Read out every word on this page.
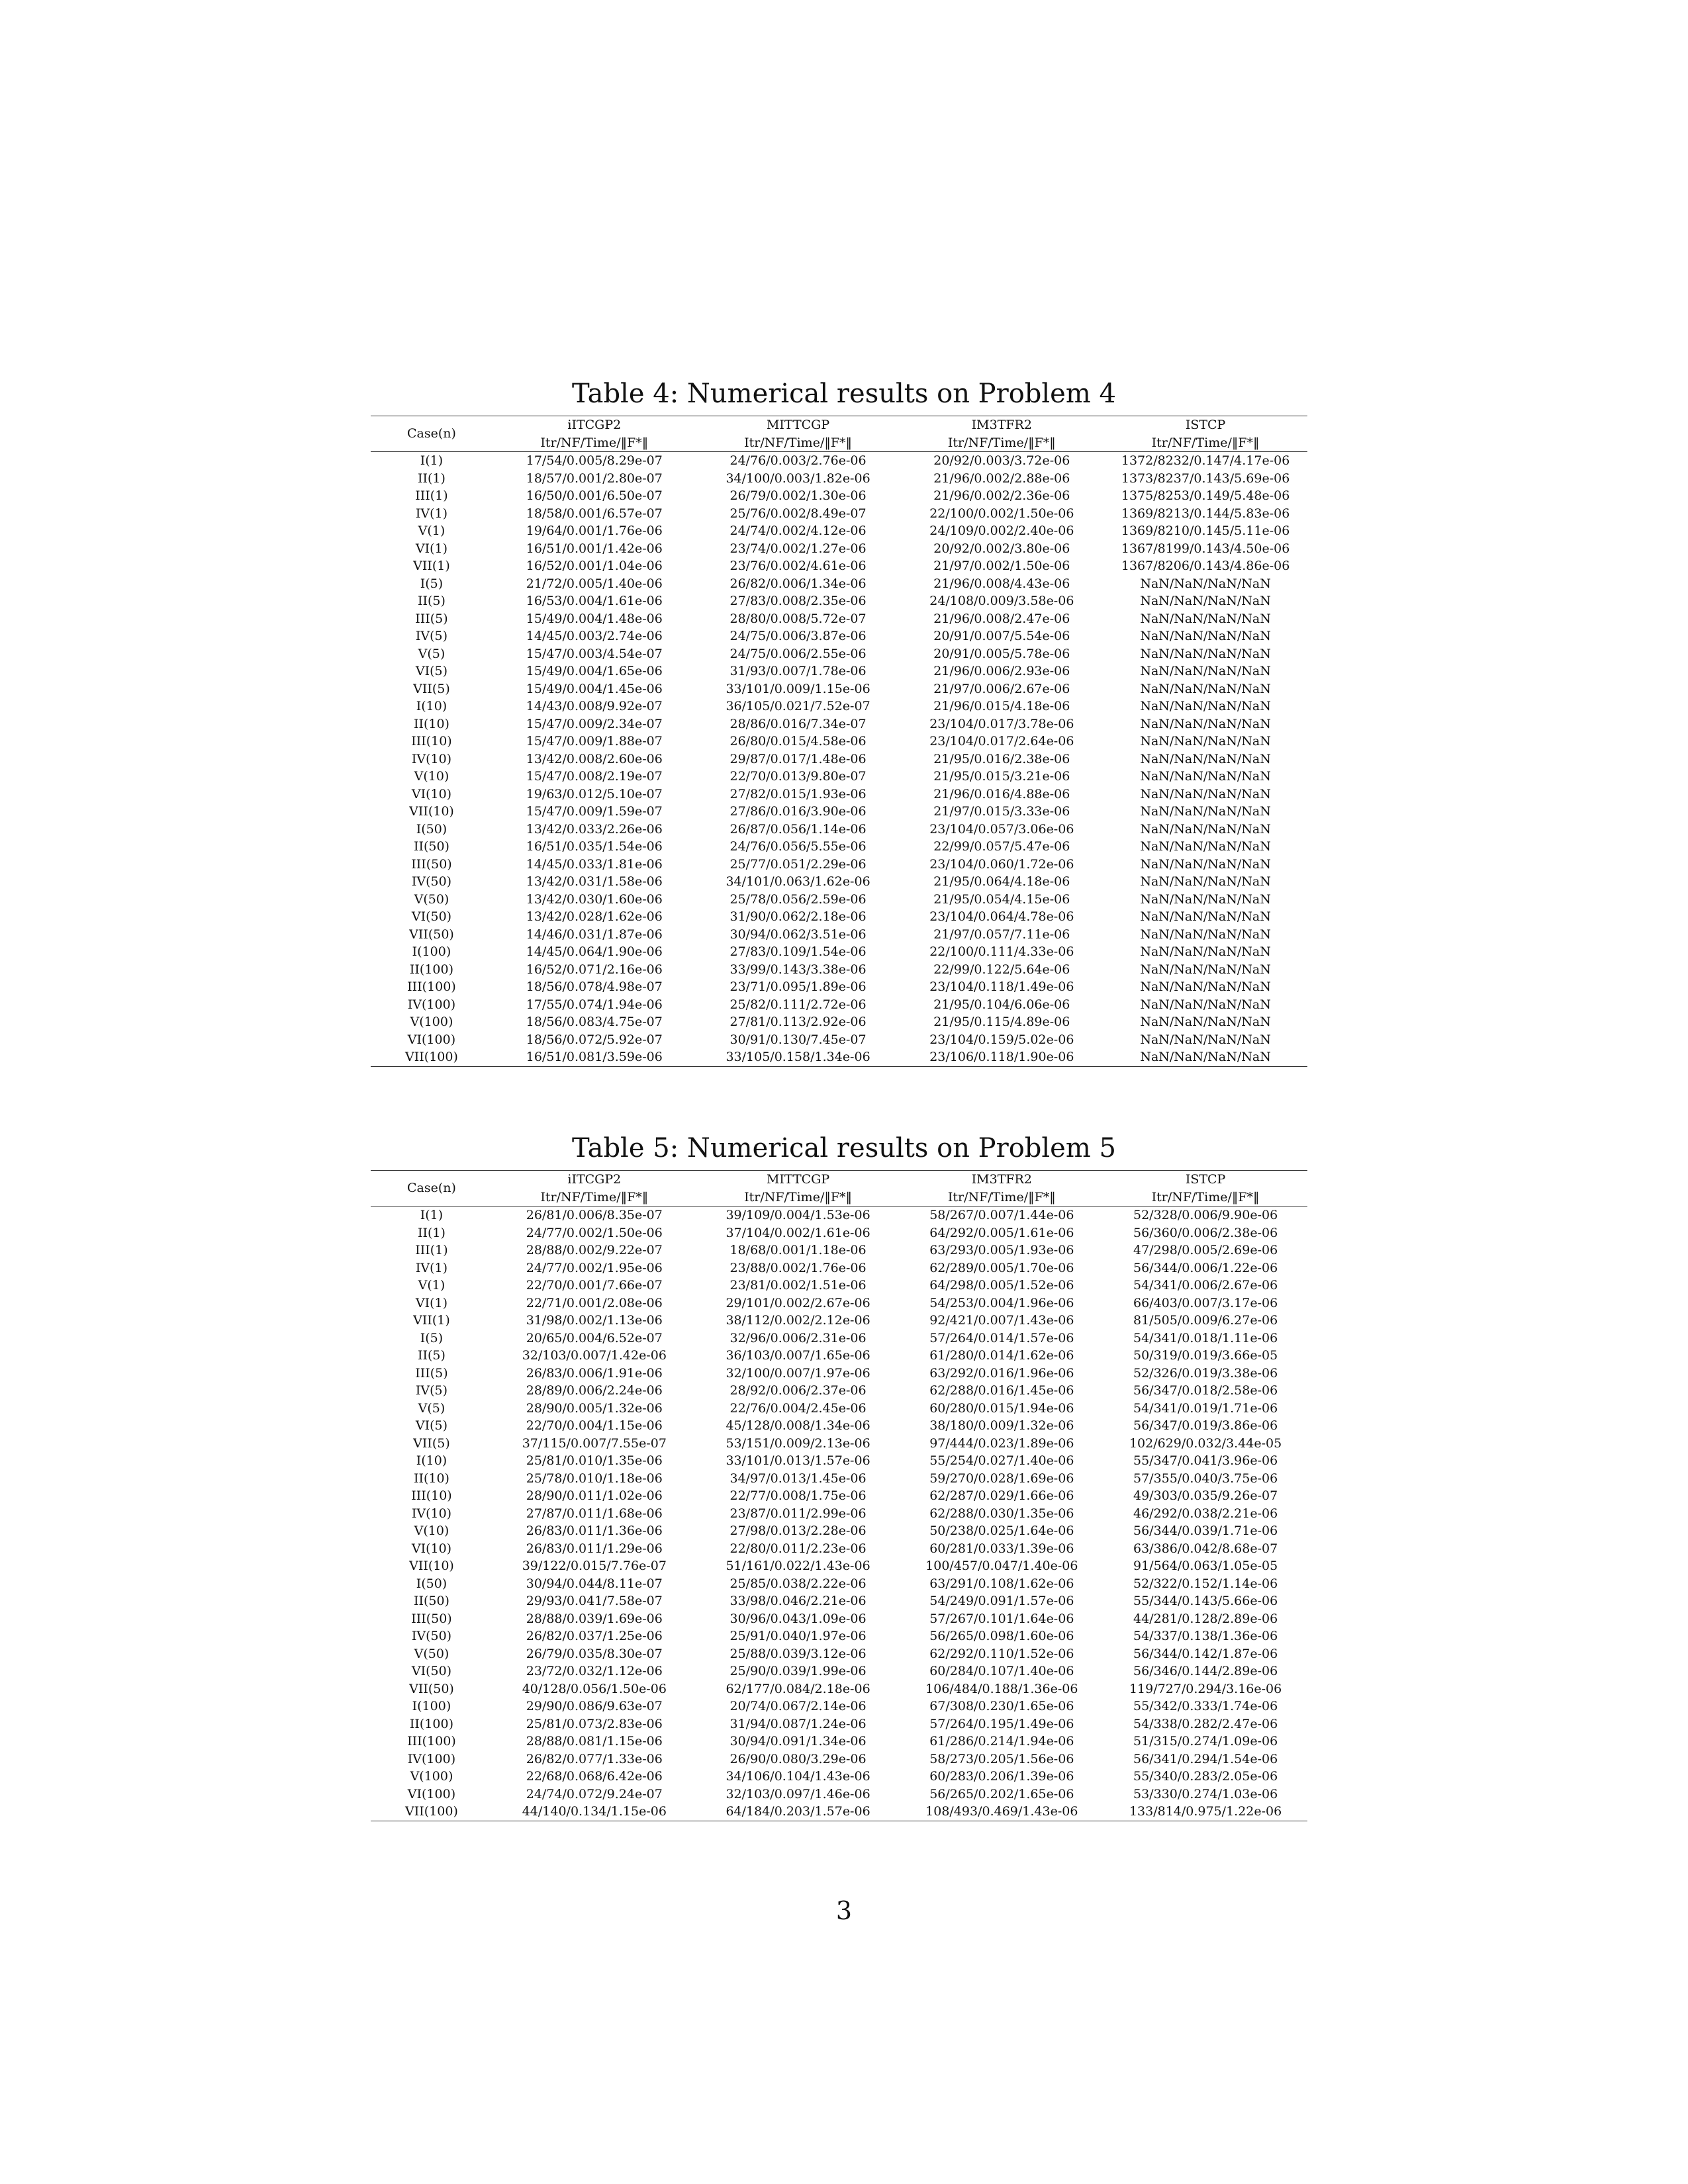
Table 4: Numerical results on Problem 4
Case(n)	iITCGP2	MITTCGP	IM3TFR2	ISTCP
	Itr/NF/Time/‖F*‖	Itr/NF/Time/‖F*‖	Itr/NF/Time/‖F*‖	Itr/NF/Time/‖F*‖
I(1)	17/54/0.005/8.29e-07	24/76/0.003/2.76e-06	20/92/0.003/3.72e-06	1372/8232/0.147/4.17e-06
II(1)	18/57/0.001/2.80e-07	34/100/0.003/1.82e-06	21/96/0.002/2.88e-06	1373/8237/0.143/5.69e-06
III(1)	16/50/0.001/6.50e-07	26/79/0.002/1.30e-06	21/96/0.002/2.36e-06	1375/8253/0.149/5.48e-06
IV(1)	18/58/0.001/6.57e-07	25/76/0.002/8.49e-07	22/100/0.002/1.50e-06	1369/8213/0.144/5.83e-06
V(1)	19/64/0.001/1.76e-06	24/74/0.002/4.12e-06	24/109/0.002/2.40e-06	1369/8210/0.145/5.11e-06
VI(1)	16/51/0.001/1.42e-06	23/74/0.002/1.27e-06	20/92/0.002/3.80e-06	1367/8199/0.143/4.50e-06
VII(1)	16/52/0.001/1.04e-06	23/76/0.002/4.61e-06	21/97/0.002/1.50e-06	1367/8206/0.143/4.86e-06
I(5)	21/72/0.005/1.40e-06	26/82/0.006/1.34e-06	21/96/0.008/4.43e-06	NaN/NaN/NaN/NaN
II(5)	16/53/0.004/1.61e-06	27/83/0.008/2.35e-06	24/108/0.009/3.58e-06	NaN/NaN/NaN/NaN
III(5)	15/49/0.004/1.48e-06	28/80/0.008/5.72e-07	21/96/0.008/2.47e-06	NaN/NaN/NaN/NaN
IV(5)	14/45/0.003/2.74e-06	24/75/0.006/3.87e-06	20/91/0.007/5.54e-06	NaN/NaN/NaN/NaN
V(5)	15/47/0.003/4.54e-07	24/75/0.006/2.55e-06	20/91/0.005/5.78e-06	NaN/NaN/NaN/NaN
VI(5)	15/49/0.004/1.65e-06	31/93/0.007/1.78e-06	21/96/0.006/2.93e-06	NaN/NaN/NaN/NaN
VII(5)	15/49/0.004/1.45e-06	33/101/0.009/1.15e-06	21/97/0.006/2.67e-06	NaN/NaN/NaN/NaN
I(10)	14/43/0.008/9.92e-07	36/105/0.021/7.52e-07	21/96/0.015/4.18e-06	NaN/NaN/NaN/NaN
II(10)	15/47/0.009/2.34e-07	28/86/0.016/7.34e-07	23/104/0.017/3.78e-06	NaN/NaN/NaN/NaN
III(10)	15/47/0.009/1.88e-07	26/80/0.015/4.58e-06	23/104/0.017/2.64e-06	NaN/NaN/NaN/NaN
IV(10)	13/42/0.008/2.60e-06	29/87/0.017/1.48e-06	21/95/0.016/2.38e-06	NaN/NaN/NaN/NaN
V(10)	15/47/0.008/2.19e-07	22/70/0.013/9.80e-07	21/95/0.015/3.21e-06	NaN/NaN/NaN/NaN
VI(10)	19/63/0.012/5.10e-07	27/82/0.015/1.93e-06	21/96/0.016/4.88e-06	NaN/NaN/NaN/NaN
VII(10)	15/47/0.009/1.59e-07	27/86/0.016/3.90e-06	21/97/0.015/3.33e-06	NaN/NaN/NaN/NaN
I(50)	13/42/0.033/2.26e-06	26/87/0.056/1.14e-06	23/104/0.057/3.06e-06	NaN/NaN/NaN/NaN
II(50)	16/51/0.035/1.54e-06	24/76/0.056/5.55e-06	22/99/0.057/5.47e-06	NaN/NaN/NaN/NaN
III(50)	14/45/0.033/1.81e-06	25/77/0.051/2.29e-06	23/104/0.060/1.72e-06	NaN/NaN/NaN/NaN
IV(50)	13/42/0.031/1.58e-06	34/101/0.063/1.62e-06	21/95/0.064/4.18e-06	NaN/NaN/NaN/NaN
V(50)	13/42/0.030/1.60e-06	25/78/0.056/2.59e-06	21/95/0.054/4.15e-06	NaN/NaN/NaN/NaN
VI(50)	13/42/0.028/1.62e-06	31/90/0.062/2.18e-06	23/104/0.064/4.78e-06	NaN/NaN/NaN/NaN
VII(50)	14/46/0.031/1.87e-06	30/94/0.062/3.51e-06	21/97/0.057/7.11e-06	NaN/NaN/NaN/NaN
I(100)	14/45/0.064/1.90e-06	27/83/0.109/1.54e-06	22/100/0.111/4.33e-06	NaN/NaN/NaN/NaN
II(100)	16/52/0.071/2.16e-06	33/99/0.143/3.38e-06	22/99/0.122/5.64e-06	NaN/NaN/NaN/NaN
III(100)	18/56/0.078/4.98e-07	23/71/0.095/1.89e-06	23/104/0.118/1.49e-06	NaN/NaN/NaN/NaN
IV(100)	17/55/0.074/1.94e-06	25/82/0.111/2.72e-06	21/95/0.104/6.06e-06	NaN/NaN/NaN/NaN
V(100)	18/56/0.083/4.75e-07	27/81/0.113/2.92e-06	21/95/0.115/4.89e-06	NaN/NaN/NaN/NaN
VI(100)	18/56/0.072/5.92e-07	30/91/0.130/7.45e-07	23/104/0.159/5.02e-06	NaN/NaN/NaN/NaN
VII(100)	16/51/0.081/3.59e-06	33/105/0.158/1.34e-06	23/106/0.118/1.90e-06	NaN/NaN/NaN/NaN
Table 5: Numerical results on Problem 5
Case(n)	iITCGP2	MITTCGP	IM3TFR2	ISTCP
	Itr/NF/Time/‖F*‖	Itr/NF/Time/‖F*‖	Itr/NF/Time/‖F*‖	Itr/NF/Time/‖F*‖
I(1)	26/81/0.006/8.35e-07	39/109/0.004/1.53e-06	58/267/0.007/1.44e-06	52/328/0.006/9.90e-06
II(1)	24/77/0.002/1.50e-06	37/104/0.002/1.61e-06	64/292/0.005/1.61e-06	56/360/0.006/2.38e-06
III(1)	28/88/0.002/9.22e-07	18/68/0.001/1.18e-06	63/293/0.005/1.93e-06	47/298/0.005/2.69e-06
IV(1)	24/77/0.002/1.95e-06	23/88/0.002/1.76e-06	62/289/0.005/1.70e-06	56/344/0.006/1.22e-06
V(1)	22/70/0.001/7.66e-07	23/81/0.002/1.51e-06	64/298/0.005/1.52e-06	54/341/0.006/2.67e-06
VI(1)	22/71/0.001/2.08e-06	29/101/0.002/2.67e-06	54/253/0.004/1.96e-06	66/403/0.007/3.17e-06
VII(1)	31/98/0.002/1.13e-06	38/112/0.002/2.12e-06	92/421/0.007/1.43e-06	81/505/0.009/6.27e-06
I(5)	20/65/0.004/6.52e-07	32/96/0.006/2.31e-06	57/264/0.014/1.57e-06	54/341/0.018/1.11e-06
II(5)	32/103/0.007/1.42e-06	36/103/0.007/1.65e-06	61/280/0.014/1.62e-06	50/319/0.019/3.66e-05
III(5)	26/83/0.006/1.91e-06	32/100/0.007/1.97e-06	63/292/0.016/1.96e-06	52/326/0.019/3.38e-06
IV(5)	28/89/0.006/2.24e-06	28/92/0.006/2.37e-06	62/288/0.016/1.45e-06	56/347/0.018/2.58e-06
V(5)	28/90/0.005/1.32e-06	22/76/0.004/2.45e-06	60/280/0.015/1.94e-06	54/341/0.019/1.71e-06
VI(5)	22/70/0.004/1.15e-06	45/128/0.008/1.34e-06	38/180/0.009/1.32e-06	56/347/0.019/3.86e-06
VII(5)	37/115/0.007/7.55e-07	53/151/0.009/2.13e-06	97/444/0.023/1.89e-06	102/629/0.032/3.44e-05
I(10)	25/81/0.010/1.35e-06	33/101/0.013/1.57e-06	55/254/0.027/1.40e-06	55/347/0.041/3.96e-06
II(10)	25/78/0.010/1.18e-06	34/97/0.013/1.45e-06	59/270/0.028/1.69e-06	57/355/0.040/3.75e-06
III(10)	28/90/0.011/1.02e-06	22/77/0.008/1.75e-06	62/287/0.029/1.66e-06	49/303/0.035/9.26e-07
IV(10)	27/87/0.011/1.68e-06	23/87/0.011/2.99e-06	62/288/0.030/1.35e-06	46/292/0.038/2.21e-06
V(10)	26/83/0.011/1.36e-06	27/98/0.013/2.28e-06	50/238/0.025/1.64e-06	56/344/0.039/1.71e-06
VI(10)	26/83/0.011/1.29e-06	22/80/0.011/2.23e-06	60/281/0.033/1.39e-06	63/386/0.042/8.68e-07
VII(10)	39/122/0.015/7.76e-07	51/161/0.022/1.43e-06	100/457/0.047/1.40e-06	91/564/0.063/1.05e-05
I(50)	30/94/0.044/8.11e-07	25/85/0.038/2.22e-06	63/291/0.108/1.62e-06	52/322/0.152/1.14e-06
II(50)	29/93/0.041/7.58e-07	33/98/0.046/2.21e-06	54/249/0.091/1.57e-06	55/344/0.143/5.66e-06
III(50)	28/88/0.039/1.69e-06	30/96/0.043/1.09e-06	57/267/0.101/1.64e-06	44/281/0.128/2.89e-06
IV(50)	26/82/0.037/1.25e-06	25/91/0.040/1.97e-06	56/265/0.098/1.60e-06	54/337/0.138/1.36e-06
V(50)	26/79/0.035/8.30e-07	25/88/0.039/3.12e-06	62/292/0.110/1.52e-06	56/344/0.142/1.87e-06
VI(50)	23/72/0.032/1.12e-06	25/90/0.039/1.99e-06	60/284/0.107/1.40e-06	56/346/0.144/2.89e-06
VII(50)	40/128/0.056/1.50e-06	62/177/0.084/2.18e-06	106/484/0.188/1.36e-06	119/727/0.294/3.16e-06
I(100)	29/90/0.086/9.63e-07	20/74/0.067/2.14e-06	67/308/0.230/1.65e-06	55/342/0.333/1.74e-06
II(100)	25/81/0.073/2.83e-06	31/94/0.087/1.24e-06	57/264/0.195/1.49e-06	54/338/0.282/2.47e-06
III(100)	28/88/0.081/1.15e-06	30/94/0.091/1.34e-06	61/286/0.214/1.94e-06	51/315/0.274/1.09e-06
IV(100)	26/82/0.077/1.33e-06	26/90/0.080/3.29e-06	58/273/0.205/1.56e-06	56/341/0.294/1.54e-06
V(100)	22/68/0.068/6.42e-06	34/106/0.104/1.43e-06	60/283/0.206/1.39e-06	55/340/0.283/2.05e-06
VI(100)	24/74/0.072/9.24e-07	32/103/0.097/1.46e-06	56/265/0.202/1.65e-06	53/330/0.274/1.03e-06
VII(100)	44/140/0.134/1.15e-06	64/184/0.203/1.57e-06	108/493/0.469/1.43e-06	133/814/0.975/1.22e-06
3
